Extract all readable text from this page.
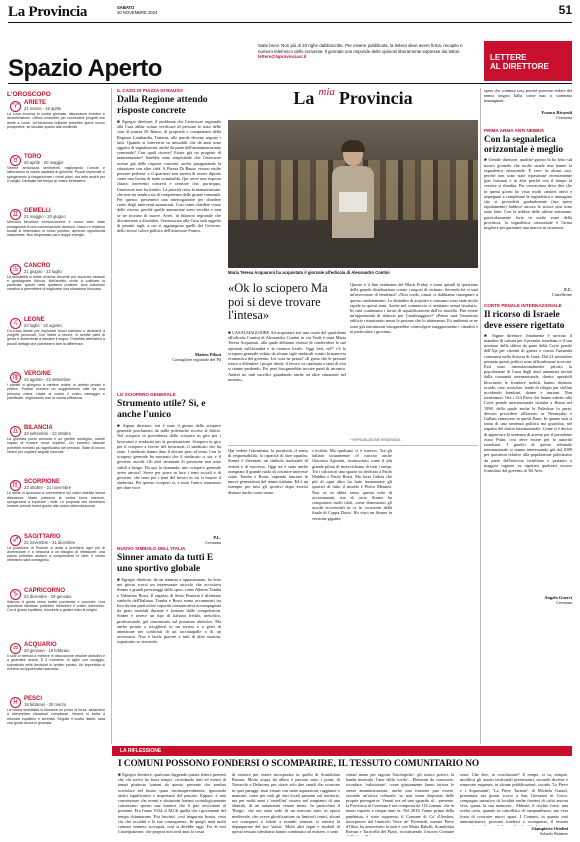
La Provincia	SABATO
30 NOVEMBRE 2024	51
Spazio Aperto
Siate brevi. Non più di 20 righe dattiloscritte. Per essere pubblicata, la lettera deve avere firma, recapito e numero telefonico dello scrivente. Il giornale non risponde delle opinioni liberamente espresse dai lettori. lettere@laprovinciacr.it	LETTERE
AL DIRETTORE
L'OROSCOPO
♈ ARIETE
21 marzo - 19 aprile
La Luna avversa la vostra giornata, dissonanze emotive e demotivazione. Ottimo momento per concludere progetti che avete a cuore. Un'intuizione brillante potrebbe aprire nuove prospettive, se lasciate spazio alla creatività.
♉ TORO
20 aprile - 20 maggio
Venere armonizza sentimenti, migliorando l'umore e rafforzando la vostra capacità di gestione. Piccoli imprevisti vi spingeranno a riorganizzare i vostri piani, ma tutto andrà per il meglio. Dedicate del tempo al vostro benessere.
♊ GEMELLI
21 maggio - 20 giugno
Mercurio favorisce comunicazione e nuove idee: siate protagonisti di una conversazione decisiva. Lavoro e relazioni sociali si intrecciano in modo positivo, aprendo opportunità inaspettate. Non dispensate però troppe energie.
♋ CANCRO
21 giugno - 22 luglio
La sensibilità si rivela un'arma vincente per superare ostacoli e guadagnare fiducia. Nell'ambito invita a coltivare la pazienza, specie nelle questioni pratiche. Una soluzione creativa vi permetterà di migliorare una situazione bloccata.
♌ LEONE
23 luglio - 22 agosto
Ca ruota ideale per esplorare nuovi interessi o dedicarvi a progetti personali. Con Marte a favore, vi sentite pieni di grinta e determinati a lasciare il segno. Potrebbe attendervi a piccoli dettagli che potrebbero fare la differenza.
♍ VERGINE
23 agosto - 22 settembre
I pianeti vi spingono a mettere ordine, in ambito privato e pratico. Potrete ricevere un suggerimento utile da una persona vicina. Usate al vostro il vostro vantaggio e pianificate, migliorando così la vostra efficienza.
♎ BILANCIA
23 settembre - 22 ottobre
La giornata porta armonia e un gentile sostegno, sarete capaci di trovare nuovi equilibri. Un incontro casuale potrebbe rivelarsi più significativo del previsto. State di nuovo ritrarvi per cogliere segnali nascosti.
♏ SCORPIONE
23 ottobre - 21 novembre
Le stelle vi spronano a concentrarvi sui vostri obiettivi senza distrazioni. Marte potenzia la vostra forza interiore, spingendovi a superare i limiti. Le proposte che sembrano lontane prende forma grazie alla vostra determinazione.
♐ SAGITTARIO
22 novembre - 21 dicembre
La posizione di Plutone vi aiuta a prendere ogni più di avventurare e a nessuna a un bisogno di riflessione: una pausa potrebbe aiutarvi a comprendere le idee. Il vostro ottimismo sarà contagioso.
♑ CAPRICORNO
22 dicembre - 19 gennaio
Saturno vi guida verso scelte ponderate e concrete. Una questione familiare potrebbe richiedere il vostro intervento. Con il giusto equilibrio, riuscirete a gestire tutto al meglio.
♒ ACQUARIO
20 gennaio - 18 febbraio
Il sole vi stimola a mettere in discussione vecchie abitudini e a guardare avanti. È il momento di agire con coraggio, soprattutto nelle decisioni in ambito privato. Un imprevisto si rivelerà un'opportunità nascosta.
♓ PESCI
19 febbraio - 20 marzo
La vostra sensibilità si dimostra un punto di forza, aiutandovi a interpretare situazioni complesse. Venere vi invita a ritrovare equilibrio e serenità. Seguite il vostro istinto: sarà una guida sicura in giornata.
IL CASO DI PIAZZA DI RAUSO
Dalla Regione attendo risposte concrete
■ Egregio direttore, il problema che l'assessore regionale alla Casa abbia voluto verificare di persona lo stato delle case di piazza Di Rauso, di proprietà e competenza della Regione Lombardia, Tattavia, alle parole devono seguire i fatti. Quando si interverrà su immobili che da anni sono oggetto di segnalazioni, anche da parte dell'amministrazione comunale? Con quali risorse? Esiste già un progetto di manutenzione? Sarebbe stato auspicabile che l'assessore avesse già delle risposte concrete, anche paragonando la situazione con altre città. A Piazza Di Rauso vivono molte persone perbene, e il quartiere non merita di essere dipinto come una fucina di mala criminalità. Qui serve una risposta chiara: interventi concreti e certezze che, purtroppo, l'assessore non ha fornito. La priorità resta la manutenzione, che non mi sembra sia di competenza delle giunte comunali. Per questo, presenterò una interrogazione per chiedere conto degli interventi annunciati. Così come chiedere conto delle risorse, perché quelle annunciate sono vecchie e non se ne trovano di nuove. Avrei, in bilancio regionale che discuteremo a dicembre, l'assessorato alla Casa sarà oggetto di pesanti tagli, a cui si aggiungono quelli del Governo, dello stesso colore politico dell'assessore Franco.
Matteo Piloni
Consigliere regionale del Pd
LO SCIOPERO GENERALE
Strumento utile? Sì, e anche l'unico
■ Signor direttore, ieri è stato il giorno dello sciopero generale proclamato da mille polemiche ricorse al diritto. Nel sciopero in precedenza dallo sciopero in giro per i lavoratori e sindacati per la protestazione. Sciopero in giro per il sciopero a favore del lavoratori, il sindacato che ha stato. I sindacati hanno dato il dovuto peso al tema. Con lo sciopero generale ha mostrato che il sindacato ci sia, e il governo ascolti. Gli altri strumenti di pressione non sono validi a lungo. Da qui la domanda: uno sciopero generale serve ancora? Serve per porre in luce i temi sociali e di governo, che sono poi i temi del lavoro in cui si muove il sindacato. Per questo sciopero sì, e resta l'unico strumento per dare voce.
P.L.
Cremona
NUOVO SIMBOLO DELL'ITALIA
Sinner amato da tutti E uno sportivo globale
■ Egregio direttore, da un tennista a appassionato, ho letto nei giorni scorsi un interessante articolo che accostava Sinner a grandi personaggi dello sport, come Alberto Tomba e Valentino Rossi. Il ragazzo di Sesto Pusteria è diventato simbolo dell'Italiana. Tomba e Rossi erano accomunati tra loro da una particolare capacità comunicativa accompagnata da gesti trionfali durante e lontano dalle competizioni. Sinner è invece un tipo di italiano freddo, metodico, professionale, già concentrato sul prossimo obiettivo. Ma anche pronto a sciogliersi in un sorriso e a gesti di attenzione nei confronti di un raccattapalle o di un avversario. Non è facile piacere a tutti di altre nazioni, soprattutto se vincendo.
La $^{mia}$ Provincia
Maria Teresa Acquaroni ha acquistato il giornale all'edicola di Alessandro Contini
«Ok lo sciopero Ma poi si deve trovare l'intesa»
■ CASALMAGGIORE Ad acquistare ieri una copia del quotidiano all'edicola Contini di Alessandro Contini in via Verdi è stata Maria Teresa Acquaroni, alla quale abbiamo chiesto di condividere le sue opinioni sull'attualità e la cronaca locale. Oggi lieri, nd⁽ʳ⁾ c'è lo sciopero generale voluto da alcune sigle sindacali contro la manovra economica del governo. Lei cosa ne pensa? «Il gusto che le persone riesce a difendere i propri diritti; il lavoro va cambiato e tanti di essi si stanno perdendo. Poi però bisognerebbe trovare punti di incontro. Andrei no tutti sacrifici guardando anche ad altre situazioni nel mondo».
Questo è il fine settimana del Black Friday e torna quindi la questione della grande distribuzione contro i negozi di vicinato. Secondo lei ci sarà un'inversione di tendenza? «Non credo, ormai ci dobbiamo rassegnare a questo cambiamento. Le abitudini di acquisto e consumo sono state molto rapide in questi anni. Anche nel commercio ci sentiamo ormai sfruttati». In città continuano i lavori di riqualificazione dell'ex macello. Può essere un'opportunità di rilancio per Casalmaggiore? «Penso sarà l'ennesimo edificio ristrutturato senza le persone che lo abiteranno. Ex ambienti se ne sono già ristrutturati bisognerebbe coinvolgere maggiormente i cittadini e in particolare i giovani».
* RIPRODUZIONE RISERVATA
Qui vedete l'ottimismo, la positività, il senso di responsabilità, la capacità di fare squadra. Sinner è diventato un simbolo nazionale di serietà e di successo. Oggi mi è stato anche assegnato il grande ruolo di costruire interesse come Tomba e Rossi, sapendo lanciare le nuove generazioni del tennis italiano. Ed è un esempio per tutti gli sportivi dopo essersi distinto anche come uomo.
c'rivalità. Ma qualcuno ci è riuscito. Tra gli italiani sicuramente c'è riuscito anche Giacomo Agostini, riconosciuto come il più grande pilota di motociclismo di tutti i tempi. Tra i calciatori uno spazio va dedicato a Paolo Maldini e Paolo Rossi. Ma forse l'atleta che più di ogni altro ha fatto innamorare gli sportivi di tutto il mondo è Pietro Mennea. Non so se abbia senso questa serie di accostamenti, ma di certo Sinner ha conquistato molti titoli, come dimostrano gli ascolti eccezionali in cv in occasione della finale di Coppa Davis. Ho visto un Sinner in versione gigante,
spero che continui così, perché potremo vedere del tennis targato Italia come mai ci saremmo immaginati.
Franco Rivaroli
Cremona
PRIMA ARMA ANTI NEBBIA
Con la segnaletica orizzontale è meglio
■ Gentile direttore, qualche giorno fa ho letto sul nostro giornale che molte strade non hanno la segnaletica orizzontale. E vero: in alcuni casi, perché non sono state ripristinate recentemente (per fortuna) e in altri perché con il tempo la vernice si sbiadita. Per conoscenza devo dire che in questi giorni ho visto molti cantieri attivi e impegnati a completare la segnaletica e immagino che si procederà gradualmente (ma spero rapidamente) laddove ancora le strisce non sono state fatte. Con la nebbia delle ultime settimane, particolarmente forte in molte zone della provincia, la segnaletica orizzontale è l'arma migliore per garantire una marcia in sicurezza.
F.C.
Castelleone
CORTE PENALE INTERNAZIONALE
Il ricorso di Israele deve essere rigettato
■ Signor direttore, finalmente è arrivato il mandato di cattura per il premier israeliano e il suo ministro della difesa da parte della Corte penale dell'Aja per crimini di guerra e contro l'umanità commessi nella Striscia di Gaza. Dal 21 novembre pertanto questi politici sono ufficialmente ricercati. Essi sono internazionalmente privato la popolazione di Gaza degli aiuti umanitari inviati dalla comunità internazionale, diretto operabili bloccando le frontiere mobili, hanno distrutto scuole, case, moschee, tende di rifugio per sfollati uccidendo bambini, donne e anziani. Non torneranno. Ora i 124 Paesi che hanno aderito alla Corte penale internazionale istituita a Roma nel 1998, della quale anche la Palestina fa parte, devono procedere all'arresto se Netanyahu e Gallant entrassero in questi Paesi. In quanto non si tratta di una sentenza politica ma giuridica, nel rispetto del diritto internazionale. Come si è deciso di approvare la sentenza di arresto per il presidente russo Putin, così deve essere per le autorità israeliane. I giudici di questo tribunale internazionale si stanno interessando già dal 2009 per questioni relative alla popolazione palestinese da parte dell'esercito israeliano e pertanto a maggior ragione va rigettato qualsiasi ricorso formulato dal governo di Tel Aviv.
Angelo Guerci
Cremona
LA RIFLESSIONE
I COMUNI POSSONO FONDERSI O SCOMPARIRE, IL TESSUTO COMUNITARIO NO
■ Egregio direttore, qualcuno leggendo questa lettera penserà che chi scrive ha fuori tempo', ricordando fatti ed eventi di tempi piuttosto lontani da questo presente che sembra sciviolare nel futuro quasi inconsapevolmente, ignorando radici significative e importanti del passato. Eppure, è mia convinzione che eventi e situazioni lontani cronologicamente conservano spesso una matrice che li può avvicinare al presente. Era l'anno 1934, il XII di quella che i governanti del tempo chiamavano 'Era fascista', così inagurata Ironia, visto ciò che accadrà e le sue conseguenze. In quegli anni molti comuni vennero accorpati, così si direbbe oggi. Fra di essi Castelponzone, che proprio non avrà anni fa cessa
di esistere per essere incorporato in quello di Scandolara Ravara. Molta acqua da allora è passata sotto i ponti, di Navarolo e Delmona, per citare solo due canali che scorrono in quei paraggi, anni vissuti con tante aspirazioni, raggiunte o mancate, come per tutti gli enti locali presenti sul territorio, ma per molti anni i 'castellini' vissero nel rimpianto di una identità, di un autonomia venute meno. In particolare il 'Borgo', che era stato sede di un mercato stato in epoca medievale, che aveva glorificazione su limitrofi centri, alcuni ora scomparsi o ridotti a minimi termini, si sentiva la depauperato del suo 'status'. Molti altri segni e simboli di questo tessuto identitario hanno continuato ad esistere, o sono
venuti meno per ragioni 'fisiologiche': gli storici portici, la banda musicale, l'arte della 'corda'... Elementi da conoscere, ricordare, 'valorizzare', come giustamente fanno tuttora le stesse amministrazioni; anche una frazione può essere, secondo un'ottica culturale, se non viene dispoiata delle proprie prerogative. Venuti ora ad uno sguardo al... presente, la Provincia di Cremona è ora composta da 113 comuni, che in meno rispetto a cinque anni fa. Nel 2019, l'anno prima della pandemia, è stato soppresso il Comune di Ca' d'Andrea, incorporato dal limitrofo Torre de' Picenardi, mentre Pieve d'Olmi, ha annoverato la tutti e con Motta Baluffi, Scandolara Ravara e Torricella del Pizzo, ricostituendo il nuovo Comune
zona. Che dire, in conclusione? Il tempo, si sa, sempre, modifica gli assetti territoriali preesistenti, secondo diverse e rinnovate esigenze; in alcune pubblicazioni, ricordo 'La Pieve e i Soprastanti', 'La Pieve Tarante', di Michela Garatti, presentata nei giorni scorsi a San Giovanni in Croce, compagno narrativo di località anche fiorenti di culto ancora viva, quant, la sua memoria... Ebbene, il rischio forse, una scelta certa, quando in cancellato di campanilismo, ma vera forza di costruire nuovi spazi. I Comuni, in quanto enti amministrativi, possono fondersi o scomparire, il tessuto
Giampietro Ottolini
Solarolo Rainerio
